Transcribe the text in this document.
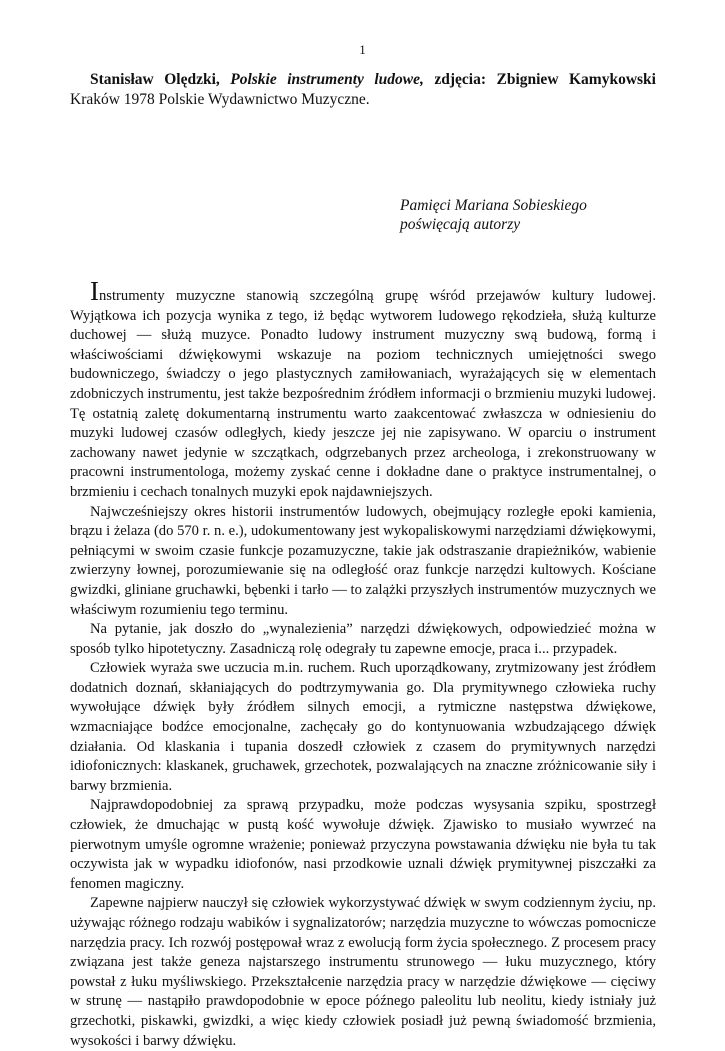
1
Stanisław Olędzki, Polskie instrumenty ludowe, zdjęcia: Zbigniew Kamykowski Kraków 1978 Polskie Wydawnictwo Muzyczne.
Pamięci Mariana Sobieskiego
poświęcają autorzy

Instrumenty muzyczne stanowią szczególną grupę wśród przejawów kultury ludowej. Wyjątkowa ich pozycja wynika z tego, iż będąc wytworem ludowego rękodzieła, służą kulturze duchowej — służą muzyce. Ponadto ludowy instrument muzyczny swą budową, formą i właściwościami dźwiękowymi wskazuje na poziom technicznych umiejętności swego budowniczego, świadczy o jego plastycznych zamiłowaniach, wyrażających się w elementach zdobniczych instrumentu, jest także bezpośrednim źródłem informacji o brzmieniu muzyki ludowej. Tę ostatnią zaletę dokumentarną instrumentu warto zaakcentować zwłaszcza w odniesieniu do muzyki ludowej czasów odległych, kiedy jeszcze jej nie zapisywano. W oparciu o instrument zachowany nawet jedynie w szczątkach, odgrzebanych przez archeologa, i zrekonstruowany w pracowni instrumentologa, możemy zyskać cenne i dokładne dane o praktyce instrumentalnej, o brzmieniu i cechach tonalnych muzyki epok najdawniejszych.

Najwcześniejszy okres historii instrumentów ludowych, obejmujący rozległe epoki kamienia, brązu i żelaza (do 570 r. n. e.), udokumentowany jest wykopaliskowymi narzędziami dźwiękowymi, pełniącymi w swoim czasie funkcje pozamuzyczne, takie jak odstraszanie drapieżników, wabienie zwierzyny łownej, porozumiewanie się na odległość oraz funkcje narzędzi kultowych. Kościane gwizdki, gliniane gruchawki, bębenki i tarło — to zalążki przyszłych instrumentów muzycznych we właściwym rozumieniu tego terminu.

Na pytanie, jak doszło do „wynalezienia” narzędzi dźwiękowych, odpowiedzieć można w sposób tylko hipotetyczny. Zasadniczą rolę odegrały tu zapewne emocje, praca i... przypadek.

Człowiek wyraża swe uczucia m.in. ruchem. Ruch uporządkowany, zrytmizowany jest źródłem dodatnich doznań, skłaniających do podtrzymywania go. Dla prymitywnego człowieka ruchy wywołujące dźwięk były źródłem silnych emocji, a rytmiczne następstwa dźwiękowe, wzmacniające bodźce emocjonalne, zachęcały go do kontynuowania wzbudzającego dźwięk działania. Od klaskania i tupania doszedł człowiek z czasem do prymitywnych narzędzi idiofonicznych: klaskanek, gruchawek, grzechotek, pozwalających na znaczne zróżnicowanie siły i barwy brzmienia.

Najprawdopodobniej za sprawą przypadku, może podczas wysysania szpiku, spostrzegł człowiek, że dmuchając w pustą kość wywołuje dźwięk. Zjawisko to musiało wywrzeć na pierwotnym umyśle ogromne wrażenie; ponieważ przyczyna powstawania dźwięku nie była tu tak oczywista jak w wypadku idiofonów, nasi przodkowie uznali dźwięk prymitywnej piszczałki za fenomen magiczny.

Zapewne najpierw nauczył się człowiek wykorzystywać dźwięk w swym codziennym życiu, np. używając różnego rodzaju wabików i sygnalizatorów; narzędzia muzyczne to wówczas pomocnicze narzędzia pracy. Ich rozwój postępował wraz z ewolucją form życia społecznego. Z procesem pracy związana jest także geneza najstarszego instrumentu strunowego — łuku muzycznego, który powstał z łuku myśliwskiego. Przekształcenie narzędzia pracy w narzędzie dźwiękowe — cięciwy w strunę — nastąpiło prawdopodobnie w epoce późnego paleolitu lub neolitu, kiedy istniały już grzechotki, piskawki, gwizdki, a więc kiedy człowiek posiadł już pewną świadomość brzmienia, wysokości i barwy dźwięku.
